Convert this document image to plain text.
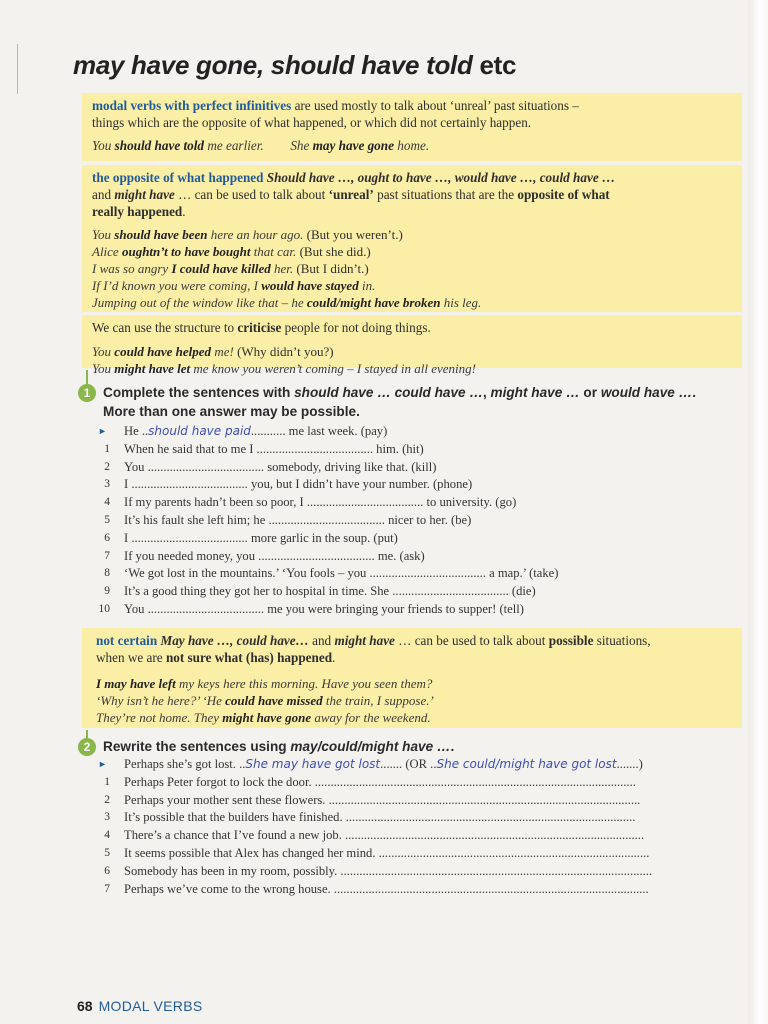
may have gone, should have told etc

modal verbs with perfect infinitives are used mostly to talk about ‘unreal’ past situations –

things which are the opposite of what happened, or which did not certainly happen.

You should have told me earlier. She may have gone home.

the opposite of what happened Should have …, ought to have …, would have …, could have …

and might have … can be used to talk about ‘unreal’ past situations that are the opposite of what

really happened.

You should have been here an hour ago. (But you weren’t.)

Alice oughtn’t to have bought that car. (But she did.)

I was so angry I could have killed her. (But I didn’t.)

If I’d known you were coming, I would have stayed in.

Jumping out of the window like that – he could/might have broken his leg.

We can use the structure to criticise people for not doing things.

You could have helped me! (Why didn’t you?)

You might have let me know you weren’t coming – I stayed in all evening!

1 Complete the sentences with should have … could have …, might have … or would have ….
More than one answer may be possible.
► He ..should have paid........... me last week. (pay)
1 When he said that to me I ..................................... him. (hit)
2 You ..................................... somebody, driving like that. (kill)
3 I ..................................... you, but I didn’t have your number. (phone)
4 If my parents hadn’t been so poor, I ..................................... to university. (go)
5 It’s his fault she left him; he ..................................... nicer to her. (be)
6 I ..................................... more garlic in the soup. (put)
7 If you needed money, you ..................................... me. (ask)
8 ‘We got lost in the mountains.’ ‘You fools – you ..................................... a map.’ (take)
9 It’s a good thing they got her to hospital in time. She ..................................... (die)
10 You ..................................... me you were bringing your friends to supper! (tell)

not certain May have …, could have… and might have … can be used to talk about possible situations,

when we are not sure what (has) happened.

I may have left my keys here this morning. Have you seen them?

‘Why isn’t he here?’ ‘He could have missed the train, I suppose.’

They’re not home. They might have gone away for the weekend.

2 Rewrite the sentences using may/could/might have ….
► Perhaps she’s got lost. ..She may have got lost....... (OR ..She could/might have got lost.......)
1 Perhaps Peter forgot to lock the door. ......................................................................................................
2 Perhaps your mother sent these flowers. ...................................................................................................
3 It’s possible that the builders have finished. ............................................................................................
4 There’s a chance that I’ve found a new job. ...............................................................................................
5 It seems possible that Alex has changed her mind. ......................................................................................
6 Somebody has been in my room, possibly. ...................................................................................................
7 Perhaps we’ve come to the wrong house. ....................................................................................................
68 MODAL VERBS
